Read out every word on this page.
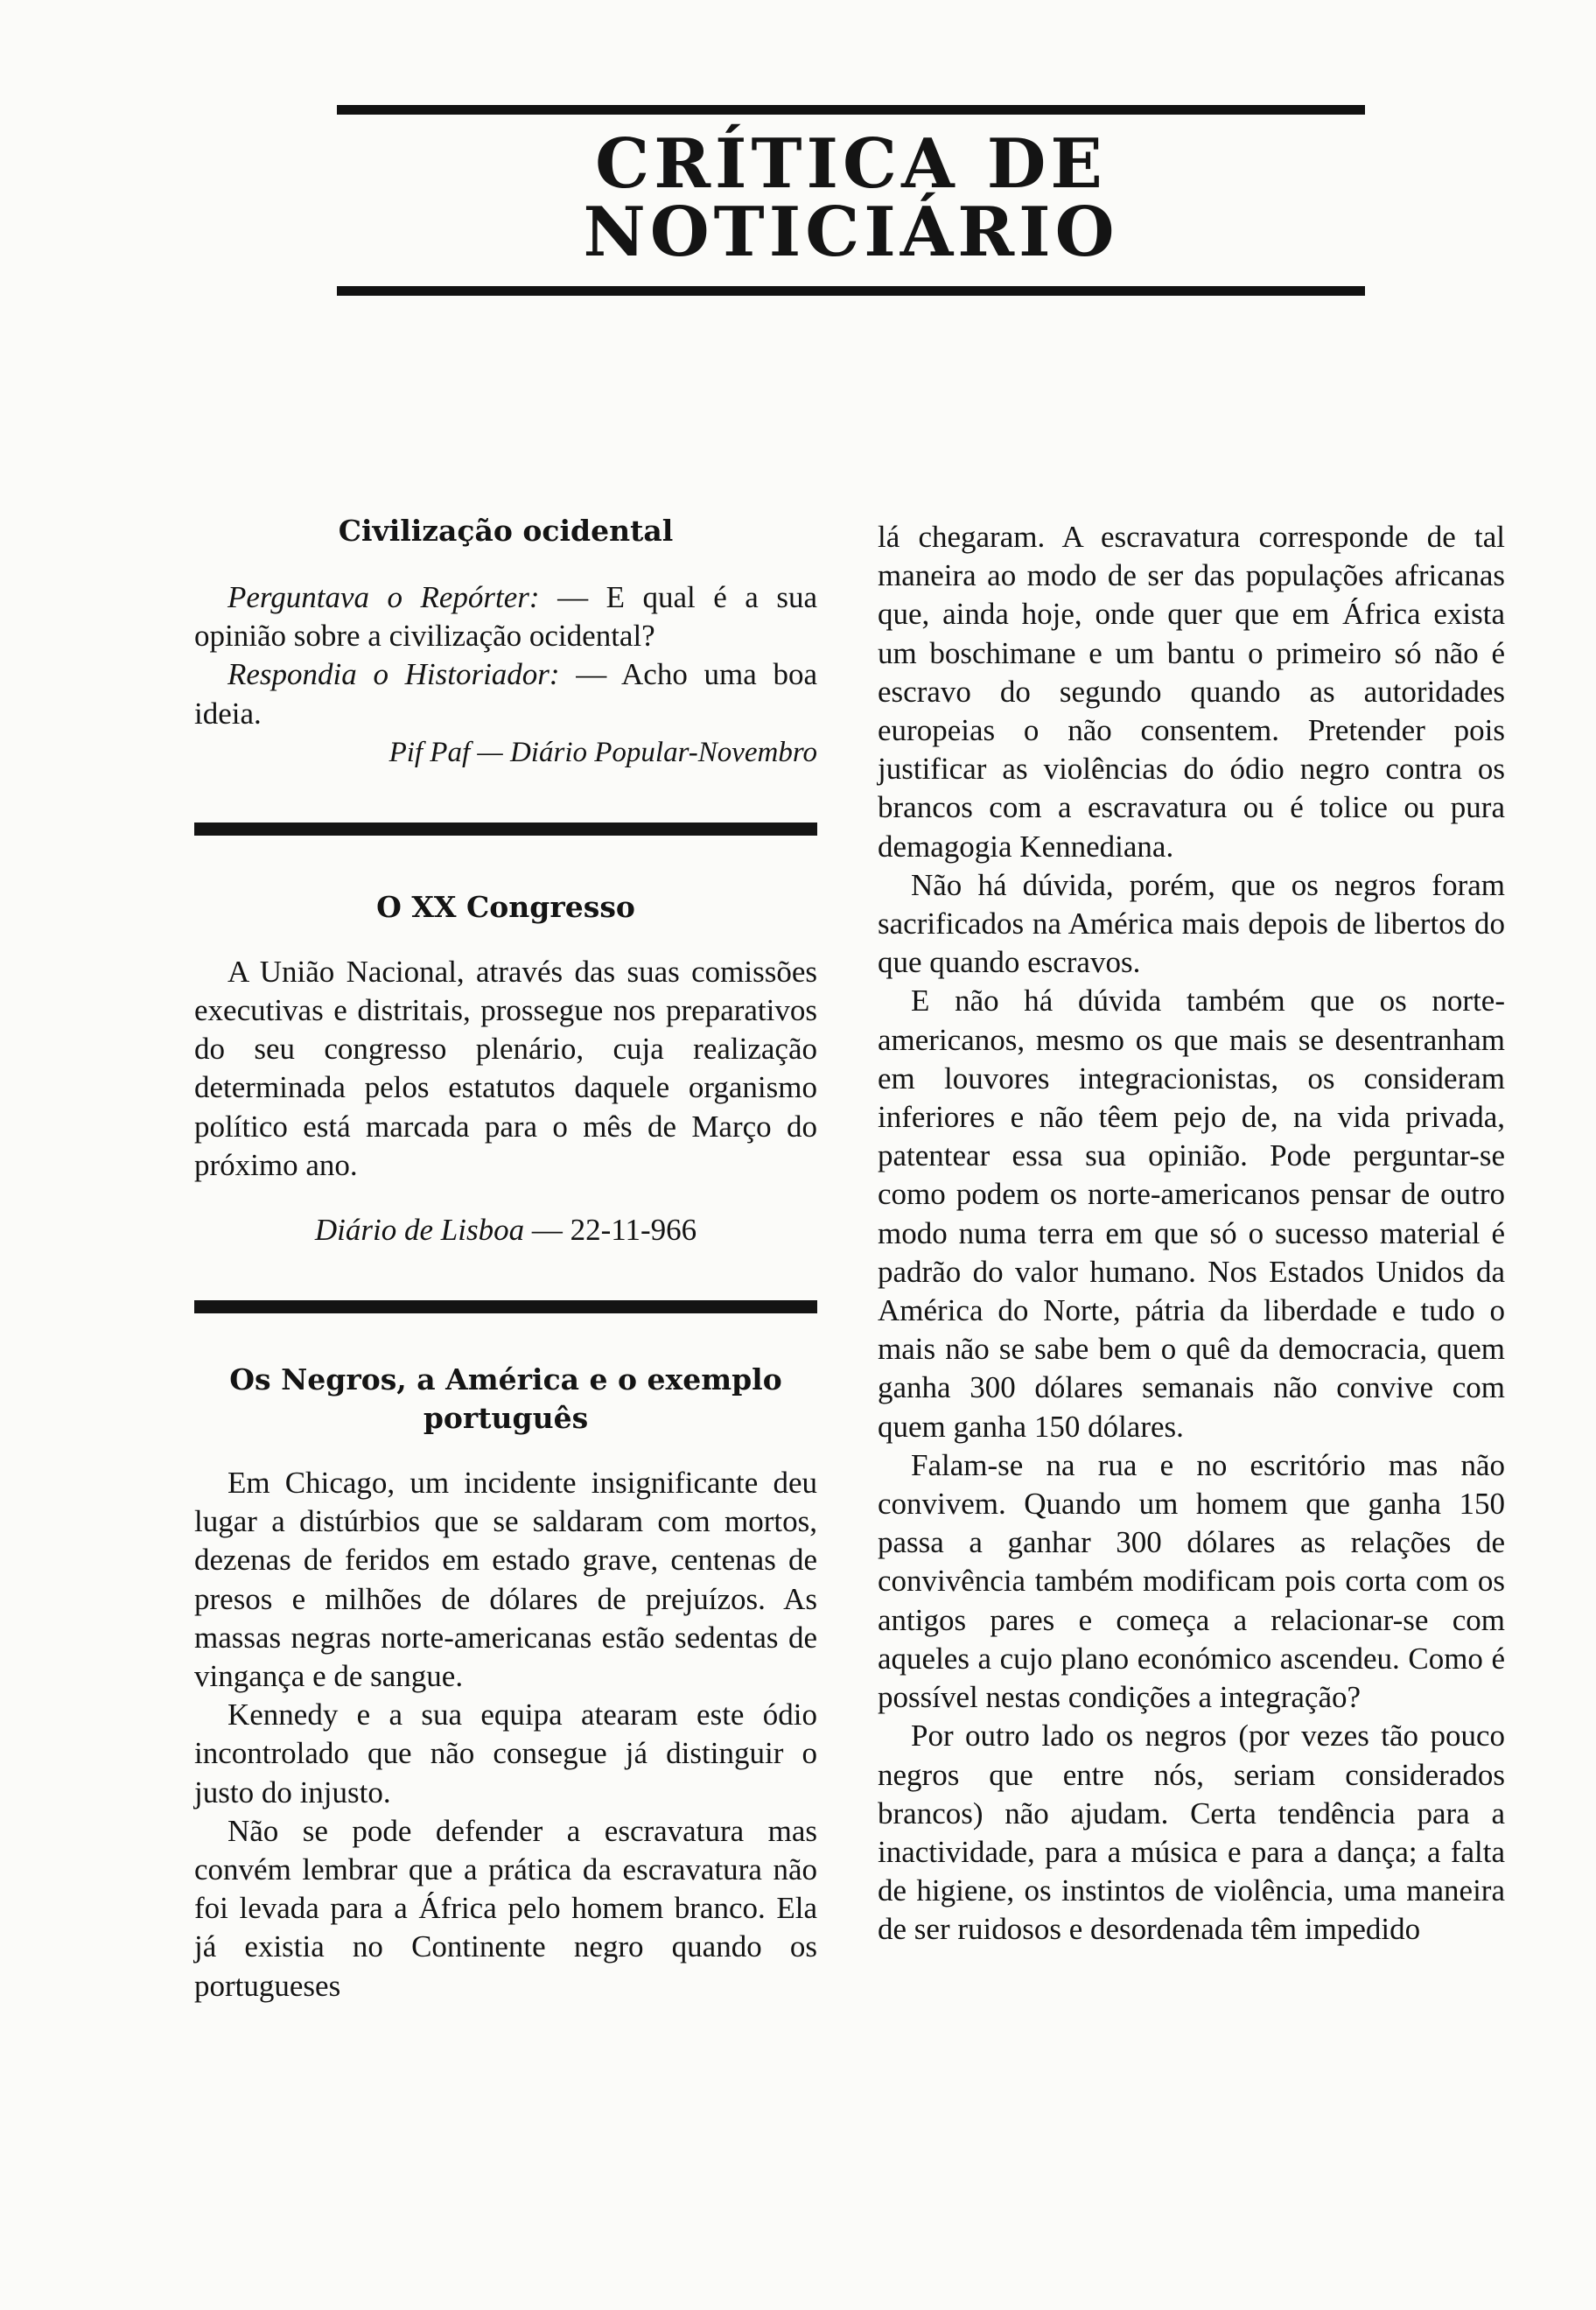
CRÍTICA DE NOTICIÁRIO
Civilização ocidental

Perguntava o Repórter: — E qual é a sua opinião sobre a civilização ocidental?

Respondia o Historiador: — Acho uma boa ideia.

Pif Paf — Diário Popular-Novembro

O XX Congresso

A União Nacional, através das suas comissões executivas e distritais, prossegue nos preparativos do seu congresso plenário, cuja realização determinada pelos estatutos daquele organismo político está marcada para o mês de Março do próximo ano.

Diário de Lisboa — 22-11-966

Os Negros, a América e o exemplo português

Em Chicago, um incidente insignificante deu lugar a distúrbios que se saldaram com mortos, dezenas de feridos em estado grave, centenas de presos e milhões de dólares de prejuízos. As massas negras norte-americanas estão sedentas de vingança e de sangue.

Kennedy e a sua equipa atearam este ódio incontrolado que não consegue já distinguir o justo do injusto.

Não se pode defender a escravatura mas convém lembrar que a prática da escravatura não foi levada para a África pelo homem branco. Ela já existia no Continente negro quando os portugueses

lá chegaram. A escravatura corresponde de tal maneira ao modo de ser das populações africanas que, ainda hoje, onde quer que em África exista um boschimane e um bantu o primeiro só não é escravo do segundo quando as autoridades europeias o não consentem. Pretender pois justificar as violências do ódio negro contra os brancos com a escravatura ou é tolice ou pura demagogia Kennediana.

Não há dúvida, porém, que os negros foram sacrificados na América mais depois de libertos do que quando escravos.

E não há dúvida também que os norte-americanos, mesmo os que mais se desentranham em louvores integracionistas, os consideram inferiores e não têem pejo de, na vida privada, patentear essa sua opinião. Pode perguntar-se como podem os norte-americanos pensar de outro modo numa terra em que só o sucesso material é padrão do valor humano. Nos Estados Unidos da América do Norte, pátria da liberdade e tudo o mais não se sabe bem o quê da democracia, quem ganha 300 dólares semanais não convive com quem ganha 150 dólares.

Falam-se na rua e no escritório mas não convivem. Quando um homem que ganha 150 passa a ganhar 300 dólares as relações de convivência também modificam pois corta com os antigos pares e começa a relacionar-se com aqueles a cujo plano económico ascendeu. Como é possível nestas condições a integração?

Por outro lado os negros (por vezes tão pouco negros que entre nós, seriam considerados brancos) não ajudam. Certa tendência para a inactividade, para a música e para a dança; a falta de higiene, os instintos de violência, uma maneira de ser ruidosos e desordenada têm impedido
